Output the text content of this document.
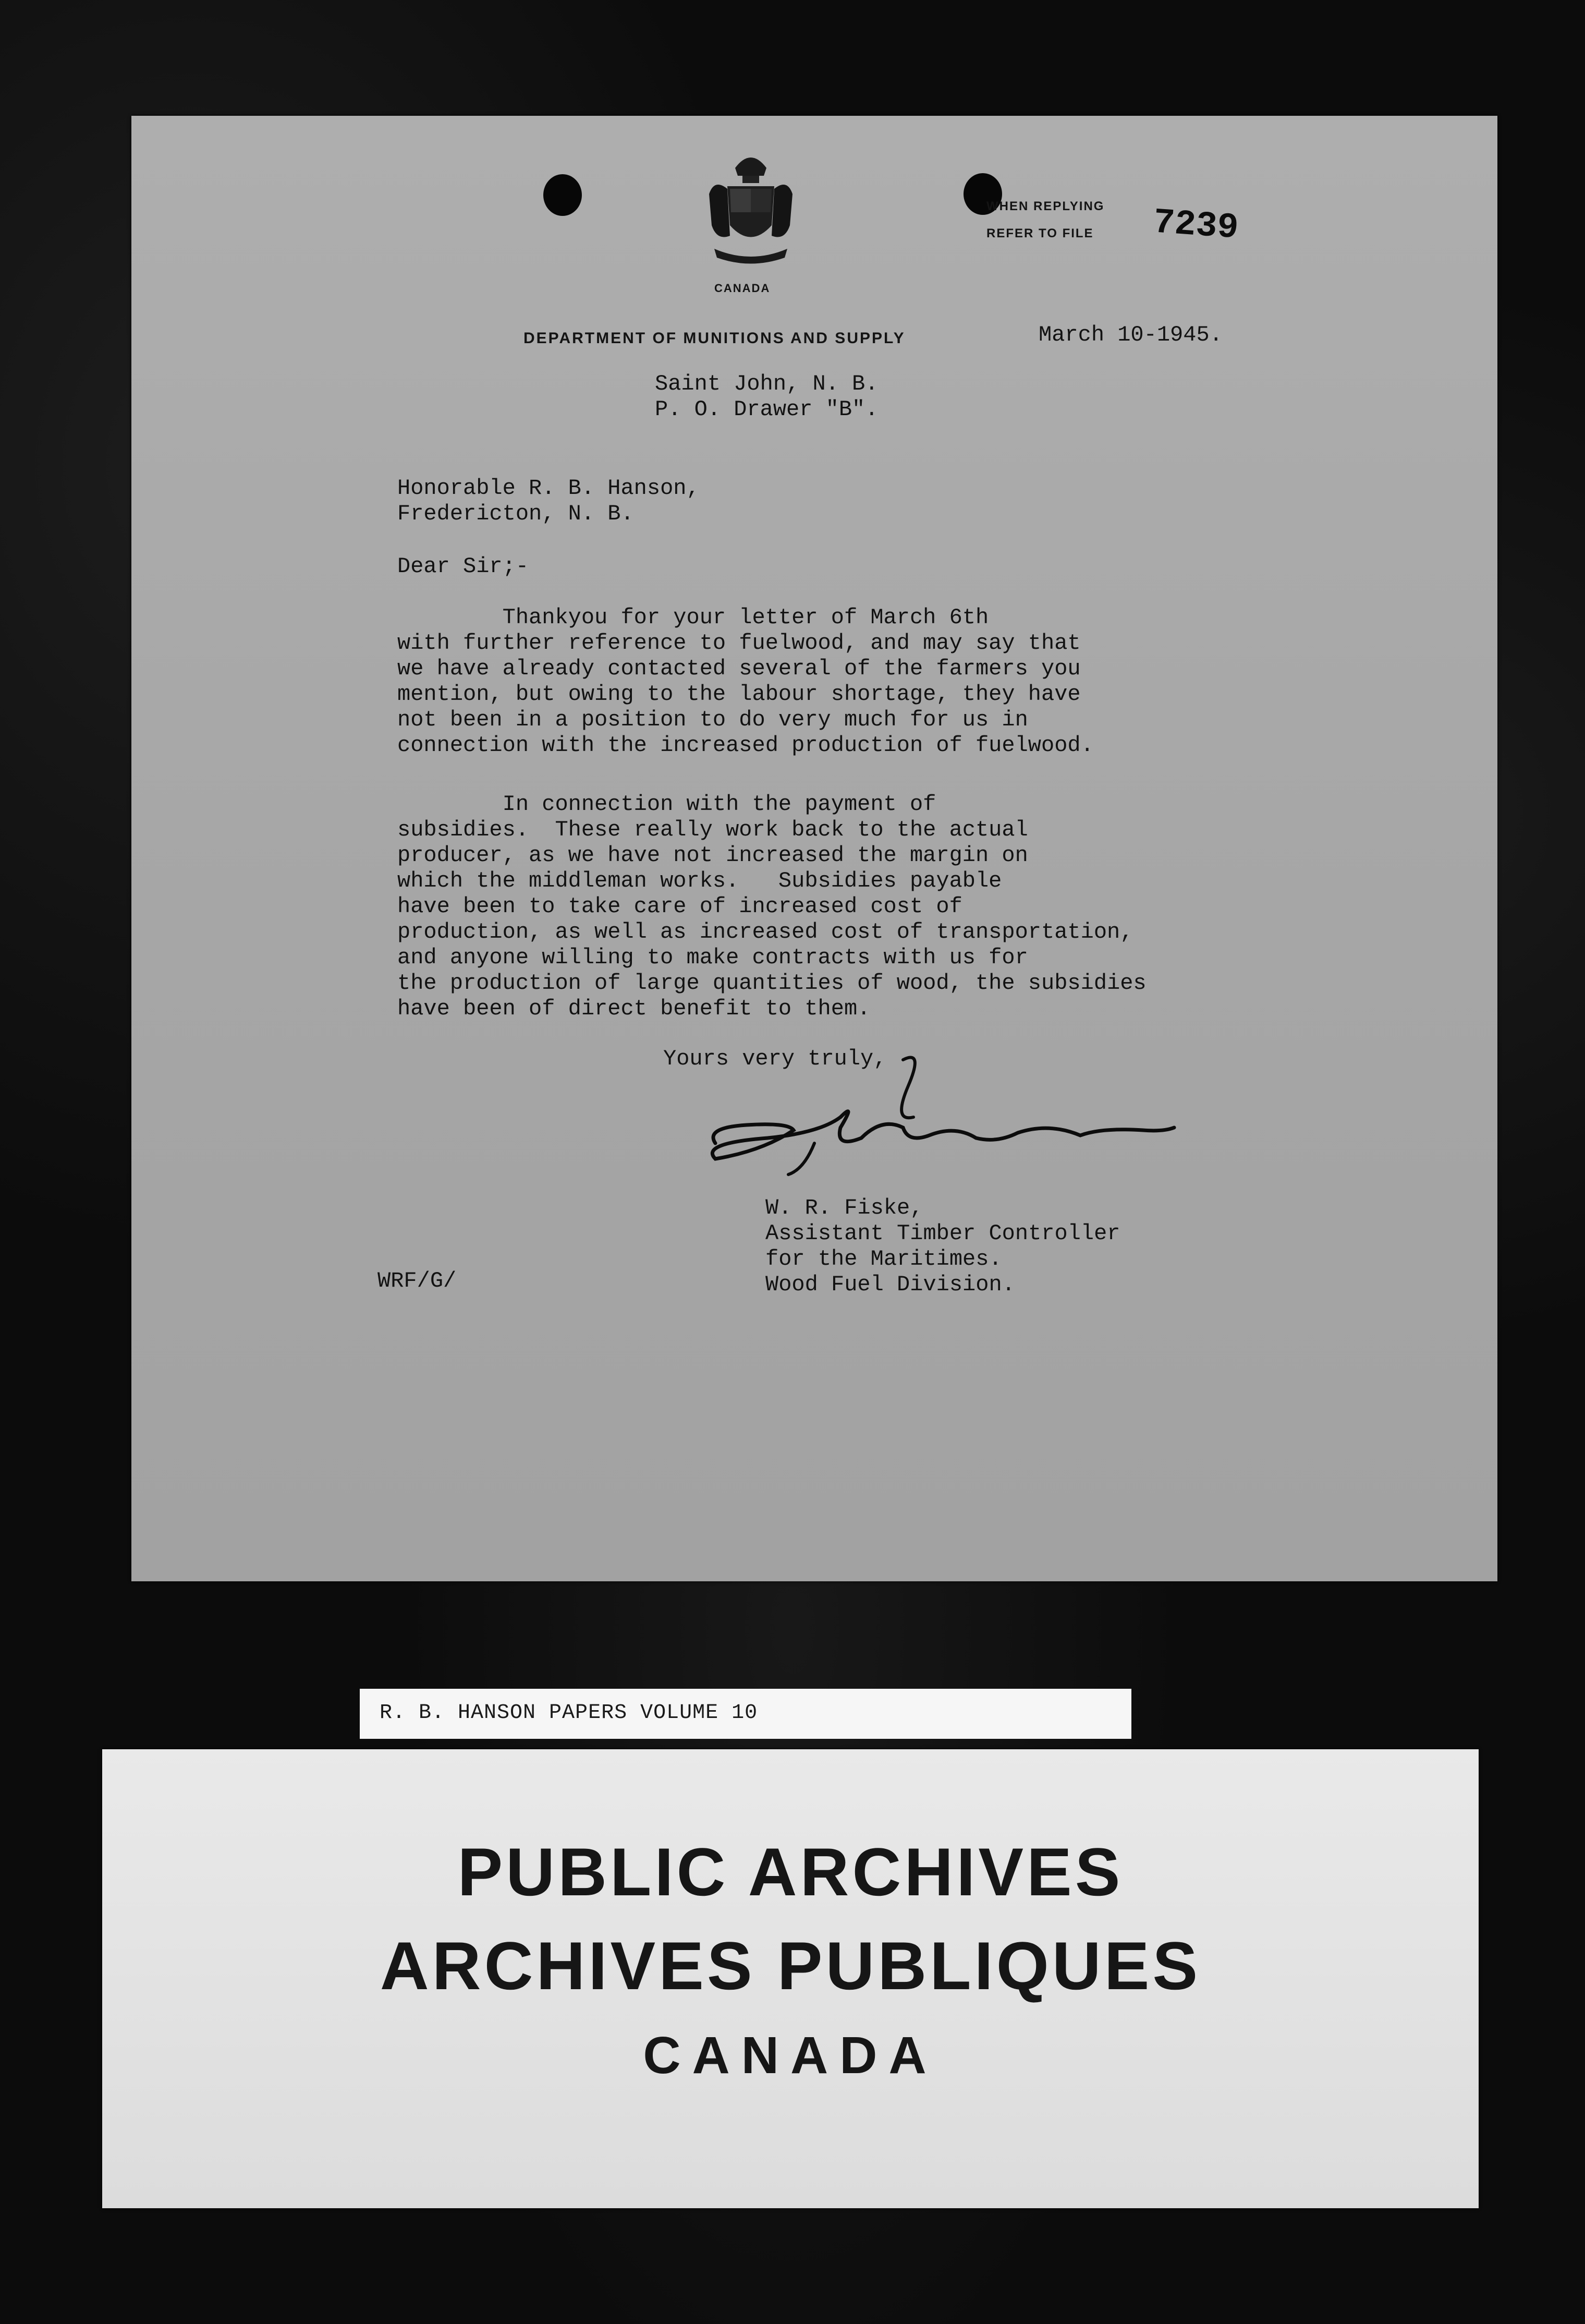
CANADA
DEPARTMENT OF MUNITIONS AND SUPPLY
WHEN REPLYING
REFER TO FILE 7239
March 10-1945.
Saint John, N. B.
P. O. Drawer "B".
Honorable R. B. Hanson,
Fredericton, N. B.
Dear Sir;-
Thankyou for your letter of March 6th
with further reference to fuelwood, and may say that
we have already contacted several of the farmers you
mention, but owing to the labour shortage, they have
not been in a position to do very much for us in
connection with the increased production of fuelwood.
In connection with the payment of
subsidies.  These really work back to the actual
producer, as we have not increased the margin on
which the middleman works.   Subsidies payable
have been to take care of increased cost of
production, as well as increased cost of transportation,
and anyone willing to make contracts with us for
the production of large quantities of wood, the subsidies
have been of direct benefit to them.
Yours very truly,
W. R. Fiske,
Assistant Timber Controller
for the Maritimes.
Wood Fuel Division.
WRF/G/
R. B. HANSON PAPERS VOLUME 10
PUBLIC ARCHIVES
ARCHIVES PUBLIQUES
CANADA
